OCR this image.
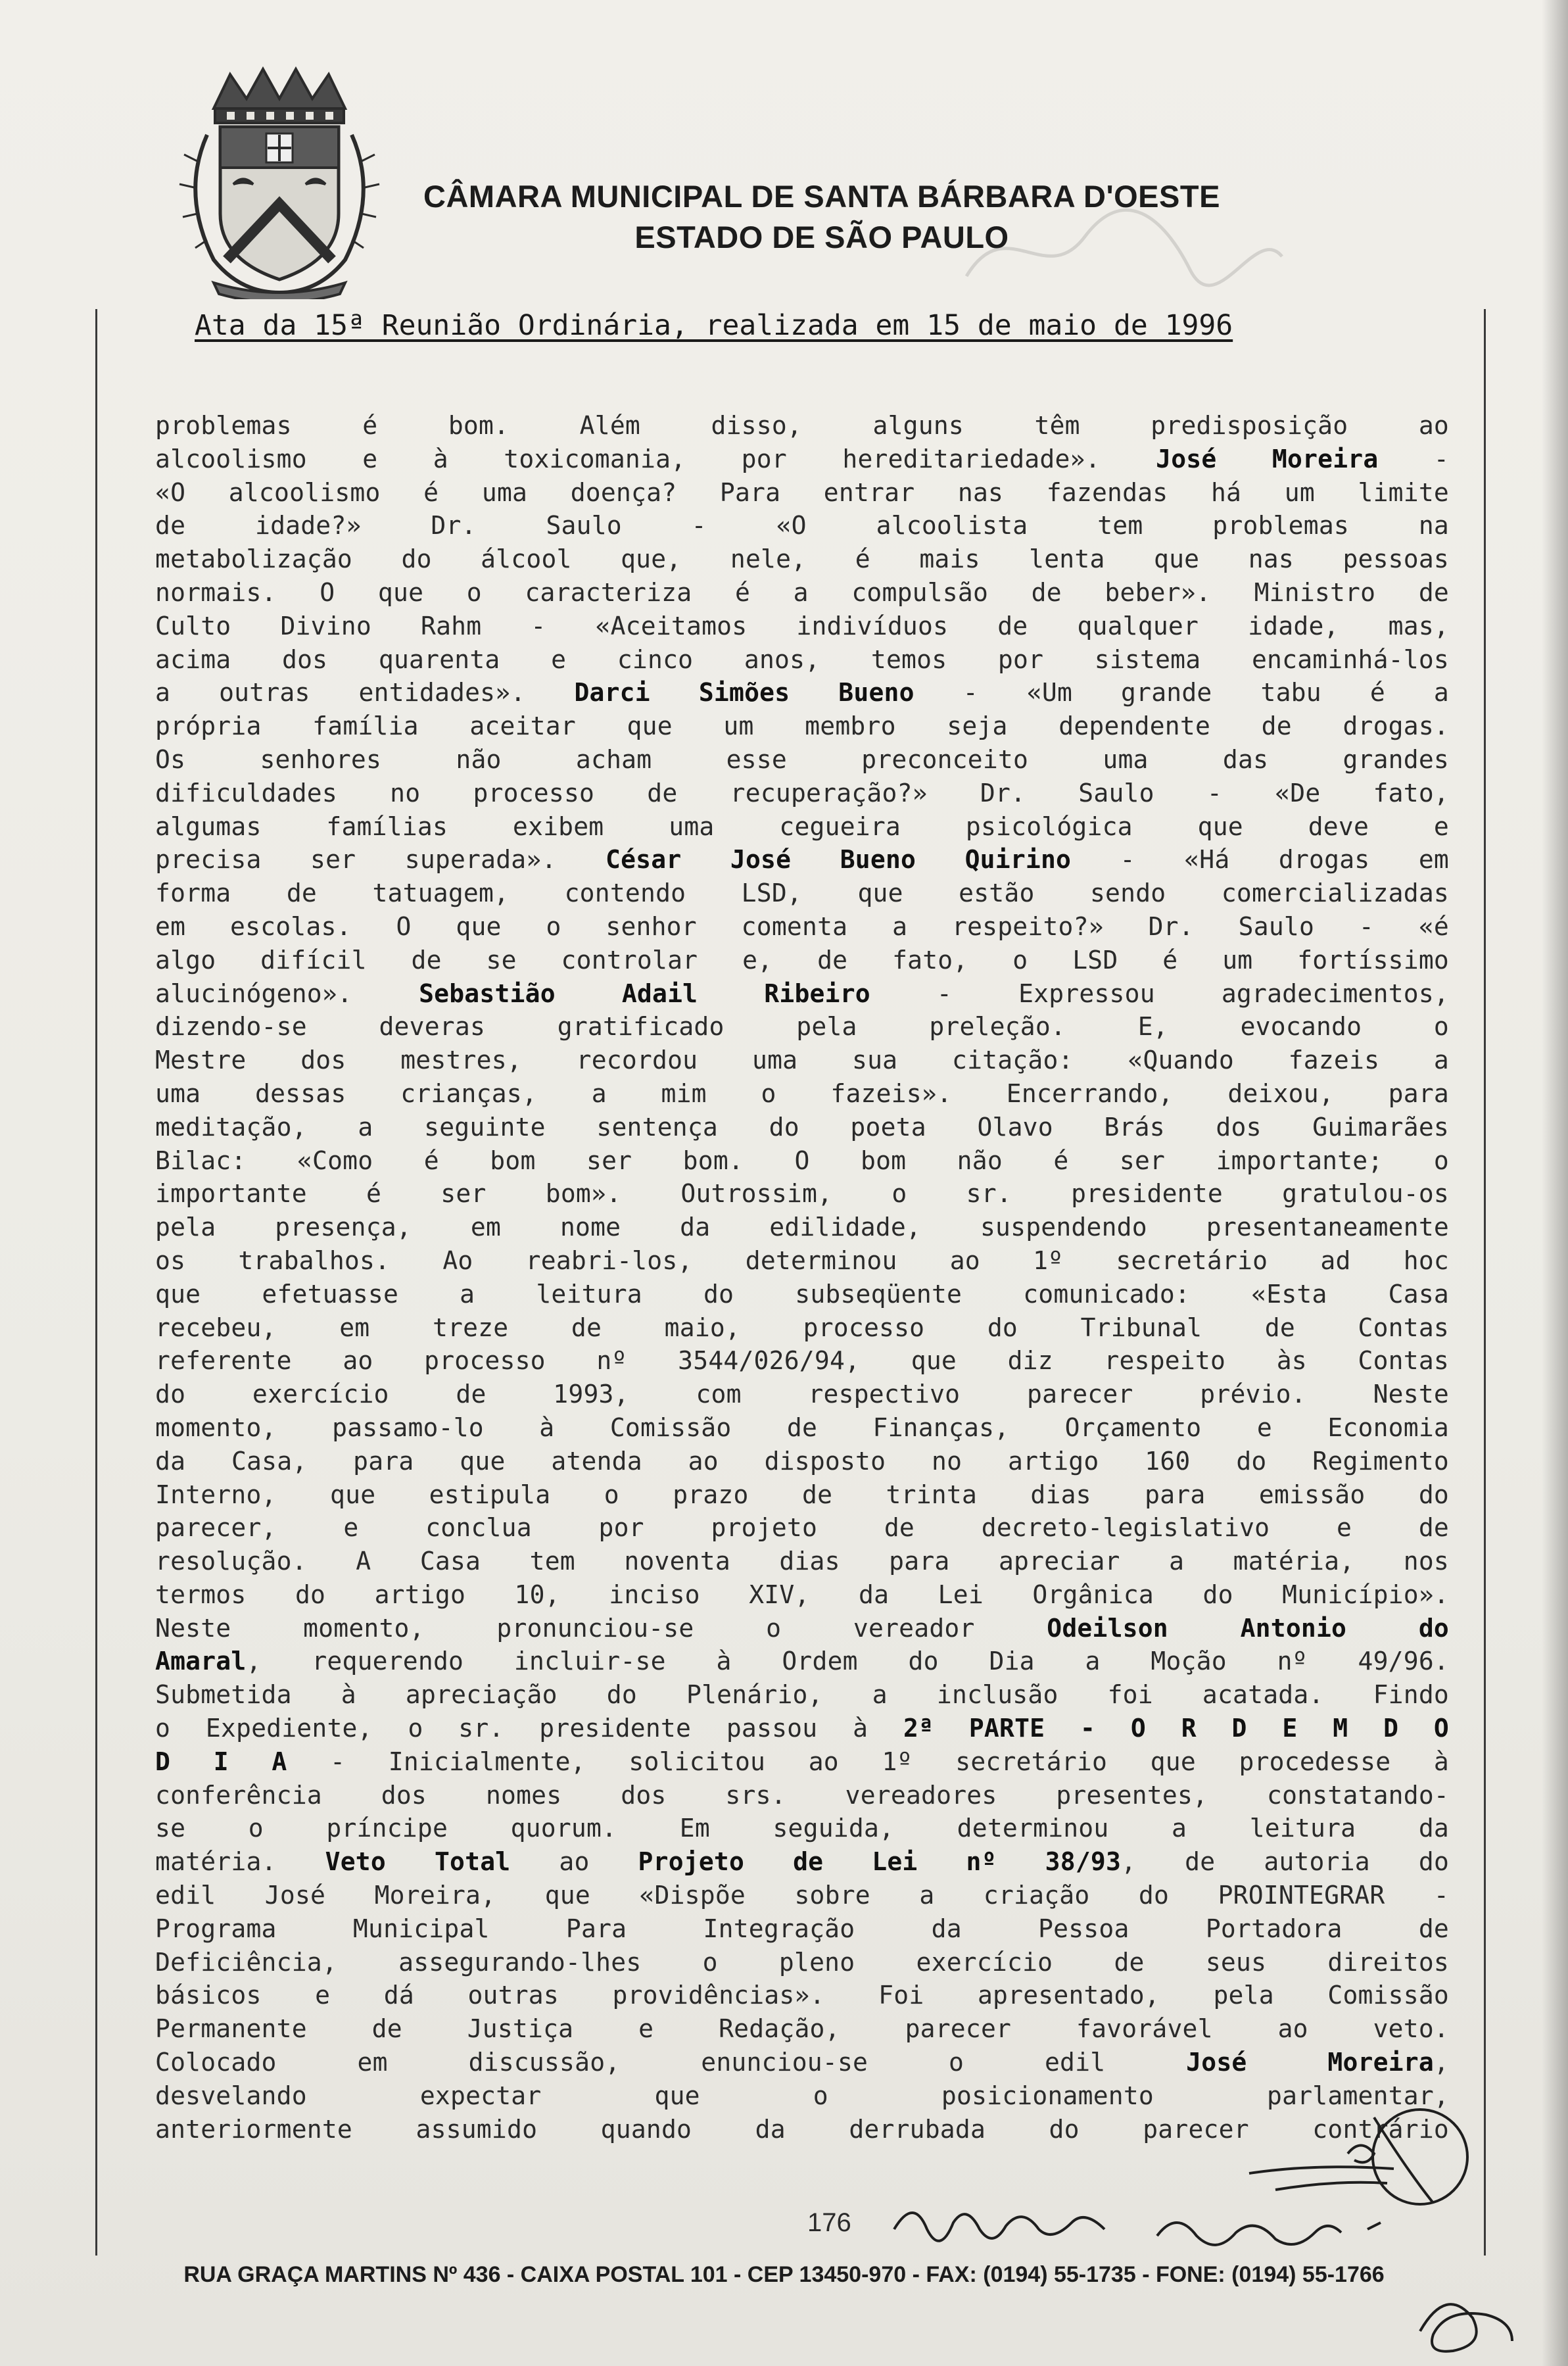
CÂMARA MUNICIPAL DE SANTA BÁRBARA D'OESTE
ESTADO DE SÃO PAULO
Ata da 15ª Reunião Ordinária, realizada em 15 de maio de 1996
problemas é bom. Além disso, alguns têm predisposição ao
alcoolismo e à toxicomania, por hereditariedade». José Moreira -
«O alcoolismo é uma doença? Para entrar nas fazendas há um limite
de idade?» Dr. Saulo - «O alcoolista tem problemas na
metabolização do álcool que, nele, é mais lenta que nas pessoas
normais. O que o caracteriza é a compulsão de beber». Ministro de
Culto Divino Rahm - «Aceitamos indivíduos de qualquer idade, mas,
acima dos quarenta e cinco anos, temos por sistema encaminhá-los
a outras entidades». Darci Simões Bueno - «Um grande tabu é a
própria família aceitar que um membro seja dependente de drogas.
Os senhores não acham esse preconceito uma das grandes
dificuldades no processo de recuperação?» Dr. Saulo - «De fato,
algumas famílias exibem uma cegueira psicológica que deve e
precisa ser superada». César José Bueno Quirino - «Há drogas em
forma de tatuagem, contendo LSD, que estão sendo comercializadas
em escolas. O que o senhor comenta a respeito?» Dr. Saulo - «é
algo difícil de se controlar e, de fato, o LSD é um fortíssimo
alucinógeno». Sebastião Adail Ribeiro - Expressou agradecimentos,
dizendo-se deveras gratificado pela preleção. E, evocando o
Mestre dos mestres, recordou uma sua citação: «Quando fazeis a
uma dessas crianças, a mim o fazeis». Encerrando, deixou, para
meditação, a seguinte sentença do poeta Olavo Brás dos Guimarães
Bilac: «Como é bom ser bom. O bom não é ser importante; o
importante é ser bom». Outrossim, o sr. presidente gratulou-os
pela presença, em nome da edilidade, suspendendo presentaneamente
os trabalhos. Ao reabri-los, determinou ao 1º secretário ad hoc
que efetuasse a leitura do subseqüente comunicado: «Esta Casa
recebeu, em treze de maio, processo do Tribunal de Contas
referente ao processo nº 3544/026/94, que diz respeito às Contas
do exercício de 1993, com respectivo parecer prévio. Neste
momento, passamo-lo à Comissão de Finanças, Orçamento e Economia
da Casa, para que atenda ao disposto no artigo 160 do Regimento
Interno, que estipula o prazo de trinta dias para emissão do
parecer, e conclua por projeto de decreto-legislativo e de
resolução. A Casa tem noventa dias para apreciar a matéria, nos
termos do artigo 10, inciso XIV, da Lei Orgânica do Município».
Neste momento, pronunciou-se o vereador Odeilson Antonio do
Amaral, requerendo incluir-se à Ordem do Dia a Moção nº 49/96.
Submetida à apreciação do Plenário, a inclusão foi acatada. Findo
o Expediente, o sr. presidente passou à 2ª PARTE - O R D E M D O
D I A - Inicialmente, solicitou ao 1º secretário que procedesse à
conferência dos nomes dos srs. vereadores presentes, constatando-
se o príncipe quorum. Em seguida, determinou a leitura da
matéria. Veto Total ao Projeto de Lei nº 38/93, de autoria do
edil José Moreira, que «Dispõe sobre a criação do PROINTEGRAR -
Programa Municipal Para Integração da Pessoa Portadora de
Deficiência, assegurando-lhes o pleno exercício de seus direitos
básicos e dá outras providências». Foi apresentado, pela Comissão
Permanente de Justiça e Redação, parecer favorável ao veto.
Colocado em discussão, enunciou-se o edil José Moreira,
desvelando expectar que o posicionamento parlamentar,
anteriormente assumido quando da derrubada do parecer contrário
176
RUA GRAÇA MARTINS Nº 436 - CAIXA POSTAL 101 - CEP 13450-970 - FAX: (0194) 55-1735 - FONE: (0194) 55-1766
